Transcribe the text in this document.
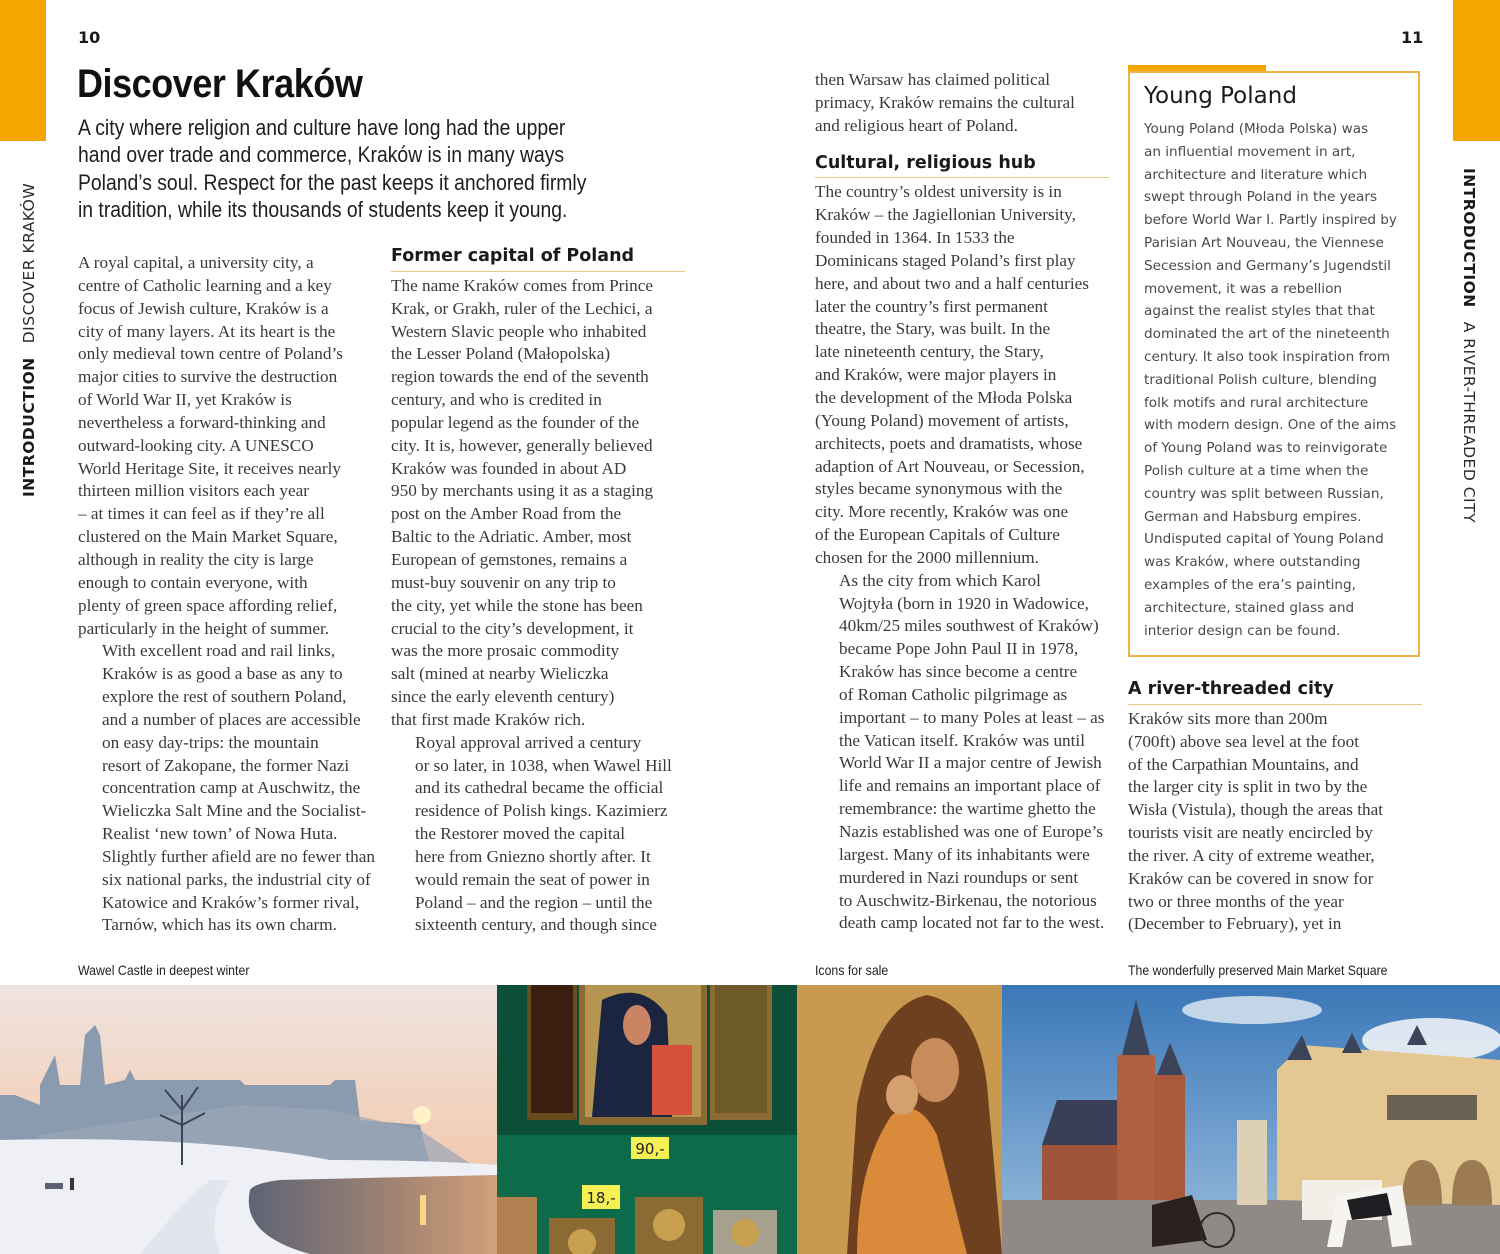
10	11
INTRODUCTIONDISCOVER KRAKÓW	INTRODUCTIONA RIVER-THREADED CITY
Discover Kraków
A city where religion and culture have long had the upper
hand over trade and commerce, Kraków is in many ways
Poland’s soul. Respect for the past keeps it anchored firmly
in tradition, while its thousands of students keep it young.

A royal capital, a university city, a
centre of Catholic learning and a key
focus of Jewish culture, Kraków is a
city of many layers. At its heart is the
only medieval town centre of Poland’s
major cities to survive the destruction
of World War II, yet Kraków is
nevertheless a forward-thinking and
outward-looking city. A UNESCO
World Heritage Site, it receives nearly
thirteen million visitors each year
– at times it can feel as if they’re all
clustered on the Main Market Square,
although in reality the city is large
enough to contain everyone, with
plenty of green space affording relief,
particularly in the height of summer.

With excellent road and rail links,
Kraków is as good a base as any to
explore the rest of southern Poland,
and a number of places are accessible
on easy day-trips: the mountain
resort of Zakopane, the former Nazi
concentration camp at Auschwitz, the
Wieliczka Salt Mine and the Socialist-
Realist ‘new town’ of Nowa Huta.
Slightly further afield are no fewer than
six national parks, the industrial city of
Katowice and Kraków’s former rival,
Tarnów, which has its own charm.

Former capital of Poland

The name Kraków comes from Prince
Krak, or Grakh, ruler of the Lechici, a
Western Slavic people who inhabited
the Lesser Poland (Małopolska)
region towards the end of the seventh
century, and who is credited in
popular legend as the founder of the
city. It is, however, generally believed
Kraków was founded in about AD
950 by merchants using it as a staging
post on the Amber Road from the
Baltic to the Adriatic. Amber, most
European of gemstones, remains a
must-buy souvenir on any trip to
the city, yet while the stone has been
crucial to the city’s development, it
was the more prosaic commodity
salt (mined at nearby Wieliczka
since the early eleventh century)
that first made Kraków rich.

Royal approval arrived a century
or so later, in 1038, when Wawel Hill
and its cathedral became the official
residence of Polish kings. Kazimierz
the Restorer moved the capital
here from Gniezno shortly after. It
would remain the seat of power in
Poland – and the region – until the
sixteenth century, and though since

then Warsaw has claimed political
primacy, Kraków remains the cultural
and religious heart of Poland.

Cultural, religious hub

The country’s oldest university is in
Kraków – the Jagiellonian University,
founded in 1364. In 1533 the
Dominicans staged Poland’s first play
here, and about two and a half centuries
later the country’s first permanent
theatre, the Stary, was built. In the
late nineteenth century, the Stary,
and Kraków, were major players in
the development of the Młoda Polska
(Young Poland) movement of artists,
architects, poets and dramatists, whose
adaption of Art Nouveau, or Secession,
styles became synonymous with the
city. More recently, Kraków was one
of the European Capitals of Culture
chosen for the 2000 millennium.

As the city from which Karol
Wojtyła (born in 1920 in Wadowice,
40km/25 miles southwest of Kraków)
became Pope John Paul II in 1978,
Kraków has since become a centre
of Roman Catholic pilgrimage as
important – to many Poles at least – as
the Vatican itself. Kraków was until
World War II a major centre of Jewish
life and remains an important place of
remembrance: the wartime ghetto the
Nazis established was one of Europe’s
largest. Many of its inhabitants were
murdered in Nazi roundups or sent
to Auschwitz-Birkenau, the notorious
death camp located not far to the west.

Young Poland
Young Poland (Młoda Polska) was
an influential movement in art,
architecture and literature which
swept through Poland in the years
before World War I. Partly inspired by
Parisian Art Nouveau, the Viennese
Secession and Germany’s Jugendstil
movement, it was a rebellion
against the realist styles that that
dominated the art of the nineteenth
century. It also took inspiration from
traditional Polish culture, blending
folk motifs and rural architecture
with modern design. One of the aims
of Young Poland was to reinvigorate
Polish culture at a time when the
country was split between Russian,
German and Habsburg empires.
Undisputed capital of Young Poland
was Kraków, where outstanding
examples of the era’s painting,
architecture, stained glass and
interior design can be found.
A river-threaded city

Kraków sits more than 200m
(700ft) above sea level at the foot
of the Carpathian Mountains, and
the larger city is split in two by the
Wisła (Vistula), though the areas that
tourists visit are neatly encircled by
the river. A city of extreme weather,
Kraków can be covered in snow for
two or three months of the year
(December to February), yet in

Wawel Castle in deepest winter	Icons for sale	The wonderfully preserved Main Market Square
90,-
18,-
